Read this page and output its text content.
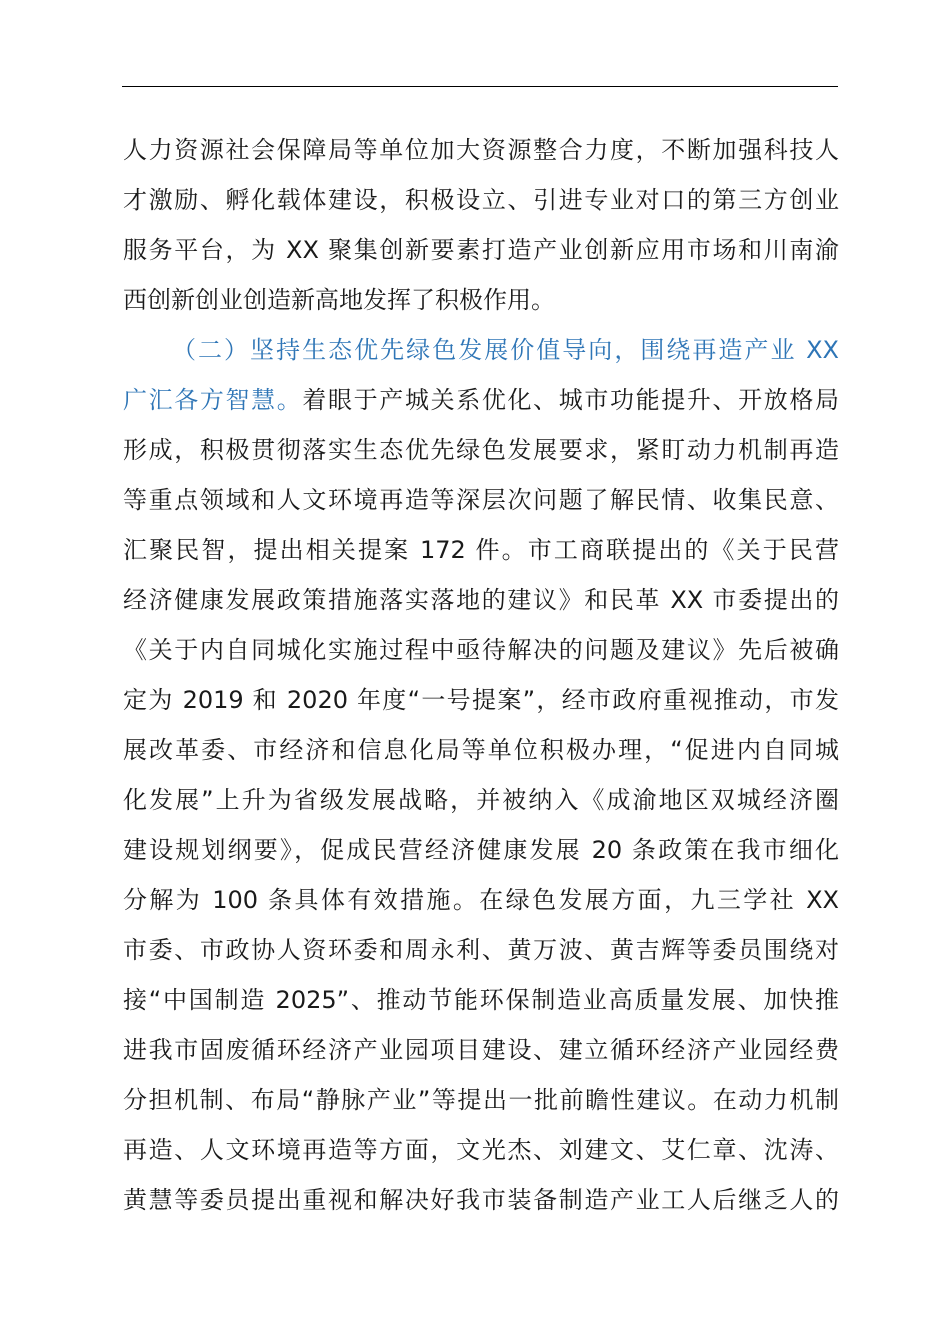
人力资源社会保障局等单位加大资源整合力度，不断加强科技人
才激励、孵化载体建设，积极设立、引进专业对口的第三方创业
服务平台，为 XX 聚集创新要素打造产业创新应用市场和川南渝
西创新创业创造新高地发挥了积极作用。
（二）坚持生态优先绿色发展价值导向，围绕再造产业 XX
广汇各方智慧。着眼于产城关系优化、城市功能提升、开放格局
形成，积极贯彻落实生态优先绿色发展要求，紧盯动力机制再造
等重点领域和人文环境再造等深层次问题了解民情、收集民意、
汇聚民智，提出相关提案 172 件。市工商联提出的《关于民营
经济健康发展政策措施落实落地的建议》和民革 XX 市委提出的
《关于内自同城化实施过程中亟待解决的问题及建议》先后被确
定为 2019 和 2020 年度“一号提案”，经市政府重视推动，市发
展改革委、市经济和信息化局等单位积极办理，“促进内自同城
化发展”上升为省级发展战略，并被纳入《成渝地区双城经济圈
建设规划纲要》，促成民营经济健康发展 20 条政策在我市细化
分解为 100 条具体有效措施。在绿色发展方面，九三学社 XX
市委、市政协人资环委和周永利、黄万波、黄吉辉等委员围绕对
接“中国制造 2025”、推动节能环保制造业高质量发展、加快推
进我市固废循环经济产业园项目建设、建立循环经济产业园经费
分担机制、布局“静脉产业”等提出一批前瞻性建议。在动力机制
再造、人文环境再造等方面，文光杰、刘建文、艾仁章、沈涛、
黄慧等委员提出重视和解决好我市装备制造产业工人后继乏人的
